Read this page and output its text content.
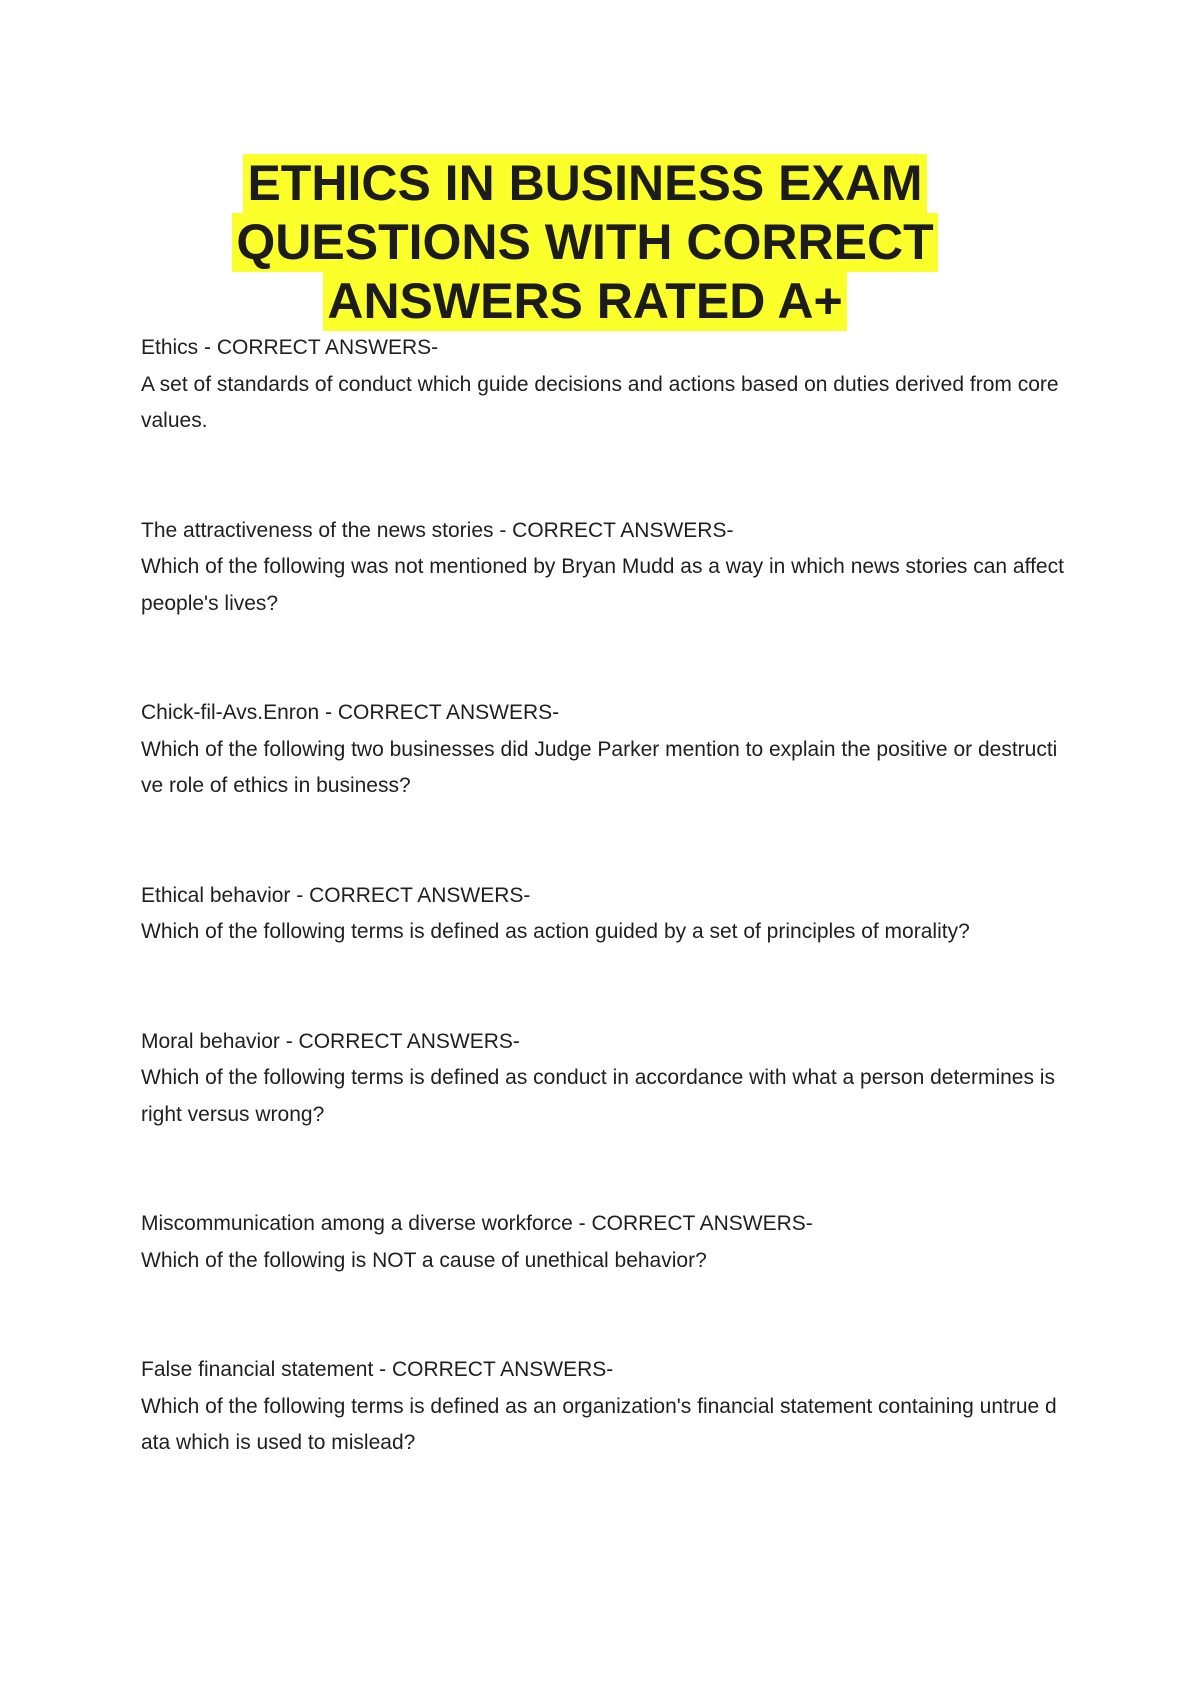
ETHICS IN BUSINESS EXAM
QUESTIONS WITH CORRECT
ANSWERS RATED A+
Ethics - CORRECT ANSWERS-
A set of standards of conduct which guide decisions and actions based on duties derived from core values.
The attractiveness of the news stories - CORRECT ANSWERS-
Which of the following was not mentioned by Bryan Mudd as a way in which news stories can affect people's lives?
Chick-fil-Avs.Enron - CORRECT ANSWERS-
Which of the following two businesses did Judge Parker mention to explain the positive or destructive role of ethics in business?
Ethical behavior - CORRECT ANSWERS-
Which of the following terms is defined as action guided by a set of principles of morality?
Moral behavior - CORRECT ANSWERS-
Which of the following terms is defined as conduct in accordance with what a person determines is right versus wrong?
Miscommunication among a diverse workforce - CORRECT ANSWERS-
Which of the following is NOT a cause of unethical behavior?
False financial statement - CORRECT ANSWERS-
Which of the following terms is defined as an organization's financial statement containing untrue data which is used to mislead?
